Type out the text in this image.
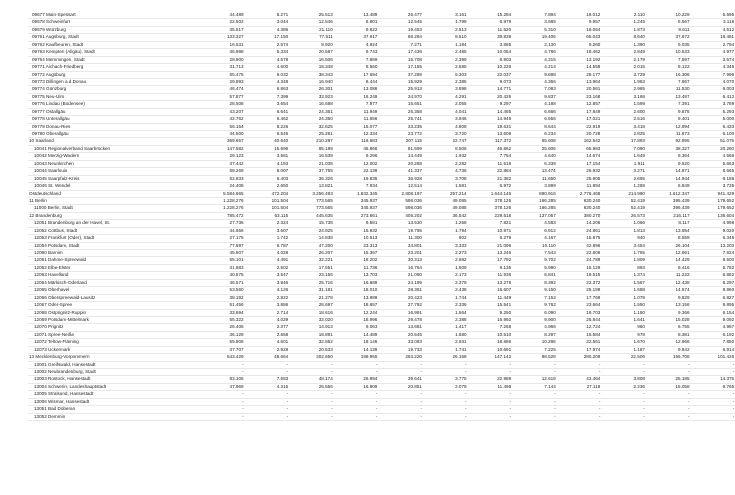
09677 Main-Spessart	44.489	5.271	25.513	13.489	26.477	3.161	15.284	7.894	18.012	2.110	10.229	5.595
09678 Schweinfurt	22.502	3.044	12.546	6.801	12.545	1.799	6.979	3.685	9.957	1.245	5.567	3.118
09679 Würzburg	35.517	4.386	21.110	9.822	19.453	2.513	11.520	5.310	16.064	1.873	9.611	4.512
09761 Augsburg, Stadt	133.327	17.150	77.511	37.917	68.284	8.510	39.839	19.406	65.043	8.640	37.672	18.481
09762 Kaufbeuren, Stadt	16.531	2.574	8.920	4.924	7.271	1.184	3.885	2.130	9.260	1.390	5.035	2.794
09763 Kempten (Allgäu), Stadt	35.898	5.334	20.587	9.743	17.436	2.485	10.054	4.786	18.462	2.849	10.533	4.977
09764 Memmingen, Stadt	28.900	4.578	16.506	7.889	15.708	2.399	8.903	4.315	13.192	2.179	7.597	3.574
09771 Aichach-Friedberg	31.713	4.600	18.348	8.560	17.155	2.585	10.226	4.214	14.558	2.015	8.122	4.346
09772 Augsburg	65.475	9.032	38.343	17.694	37.298	5.303	22.037	9.698	28.177	3.729	16.306	7.996
09773 Dillingen a.d.Donau	29.893	4.348	16.940	8.444	15.929	2.385	9.073	4.366	13.964	1.963	7.867	4.070
09774 Günzburg	46.474	6.863	26.301	13.086	25.913	3.898	14.771	7.083	20.561	2.965	11.530	6.003
09775 Neu-Ulm	57.877	7.399	33.923	16.249	34.970	4.291	20.426	9.837	23.168	3.168	13.497	6.412
09776 Lindau (Bodensee)	28.508	3.654	16.688	7.977	15.651	2.055	9.297	4.188	12.857	1.599	7.391	3.789
09777 Ostallgäu	43.207	6.641	24.361	11.949	25.358	4.041	14.485	6.666	17.849	2.600	9.876	5.293
09778 Unterallgäu	42.762	6.462	24.350	11.656	25.741	3.946	14.949	6.656	17.021	2.516	9.401	5.000
09779 Donau-Ries	56.154	8.226	32.625	15.077	33.235	4.808	19.631	8.644	22.919	3.418	12.994	6.433
09780 Oberallgäu	44.500	6.545	25.281	12.334	23.772	3.720	13.608	6.234	20.728	2.825	11.673	6.100
10 Saarland	369.657	40.640	210.287	116.683	207.115	22.747	117.372	65.608	162.542	17.893	92.895	51.075
10041 Regionalverband Saarbrücken	147.582	15.696	85.189	45.866	81.599	8.506	46.862	25.606	65.983	7.090	38.327	20.260
10042 Merzig-Wadern	29.123	3.581	16.539	9.296	14.449	1.932	7.754	4.640	14.674	1.649	8.364	4.566
10043 Neunkirchen	37.442	4.193	21.038	12.002	20.288	2.282	11.518	6.339	17.154	1.911	9.520	5.663
10044 Saarlouis	68.269	8.007	37.755	22.139	41.337	4.736	22.884	13.474	26.932	3.271	14.871	8.665
10045 Saarpfalz-Kreis	62.833	6.403	36.326	19.836	36.928	3.708	21.382	11.650	25.905	2.695	14.944	8.186
10046 St. Wendel	24.408	2.650	13.821	7.934	12.514	1.581	6.972	3.899	11.894	1.269	6.849	3.735
Ostdeutschland	5.584.665	472.204	3.256.493	1.832.345	2.808.197	257.214	1.644.146	890.916	2.776.468	214.990	1.612.347	941.429
11 Berlin	1.228.276	101.504	773.565	345.937	598.036	49.085	378.126	166.285	630.240	52.419	395.439	179.652
11000 Berlin, Stadt	1.228.276	101.504	773.565	345.937	598.036	49.085	378.126	166.285	630.240	52.419	395.439	179.652
12 Brandenburg	785.472	63.115	445.635	273.661	405.202	36.542	229.518	137.057	380.270	26.573	216.117	136.604
12051 Brandenburg an der Havel, St.	27.736	2.324	15.738	9.581	13.530	1.258	7.821	4.583	14.206	1.066	8.117	4.998
12052 Cottbus, Stadt	44.656	3.607	24.925	15.932	19.795	1.794	10.971	6.912	24.861	1.813	13.954	9.020
12053 Frankfurt (Oder), Stadt	27.175	1.742	14.838	10.513	11.300	802	6.279	4.167	15.875	940	8.559	6.346
12054 Potsdam, Stadt	77.697	6.787	47.200	23.313	34.801	3.333	21.096	10.110	42.896	3.454	26.104	13.203
12060 Barnim	45.807	4.028	26.207	15.367	23.201	2.273	13.246	7.543	22.606	1.755	12.961	7.824
12061 Dahme-Spreewald	55.101	4.491	32.221	18.202	30.313	2.682	17.792	9.702	24.788	1.809	14.429	8.500
12062 Elbe-Elster	31.883	2.502	17.551	11.736	16.764	1.609	9.135	5.990	15.129	893	8.416	5.782
12063 Havelland	40.575	3.547	23.156	13.703	21.060	2.173	11.936	6.841	19.515	1.374	11.222	6.862
12064 Märkisch-Oderland	46.571	3.946	25.716	16.689	24.199	2.379	13.278	8.392	22.372	1.567	12.438	8.297
12065 Oberhavel	53.560	4.126	31.181	18.010	28.361	2.438	16.607	9.150	25.199	1.688	14.574	8.860
12066 Oberspreewald-Lausitz	38.192	2.822	21.278	13.989	20.423	1.744	11.449	7.152	17.769	1.078	9.829	6.827
12067 Oder-Spree	51.456	3.886	28.697	18.657	27.792	2.336	15.541	9.762	23.664	1.550	13.156	8.895
12068 Ostprignitz-Ruppin	33.694	2.714	18.616	12.244	16.991	1.564	9.250	6.090	16.703	1.150	9.366	6.154
12069 Potsdam-Mittelmark	55.322	4.029	32.020	18.996	29.478	2.388	16.992	9.900	25.844	1.641	15.028	9.092
12070 Prignitz	26.405	2.377	14.913	9.063	13.681	1.417	7.258	4.966	12.724	960	6.755	4.987
12071 Spree-Neiße	36.129	2.658	18.891	14.489	20.545	1.680	10.510	8.297	15.584	978	8.381	6.192
12072 Teltow-Fläming	55.806	4.601	32.852	18.146	33.083	2.931	18.886	10.296	22.561	1.670	12.966	7.850
12073 Uckermark	37.707	2.928	20.533	14.139	19.733	1.741	10.691	7.225	17.974	1.187	9.842	6.914
13 Mecklenburg-Vorpommern	543.429	48.664	302.650	189.955	263.220	26.158	147.142	88.529	280.209	22.506	155.708	101.426
13001 Greifswald, Hansestadt	-	-	-	-	-	-	-	-	-	-	-	-
13002 Neubrandenburg, Stadt	-	-	-	-	-	-	-	-	-	-	-	-
13003 Rostock, Hansestadt	83.105	7.583	48.174	26.994	39.641	3.775	22.989	12.619	43.464	3.808	25.185	14.375
13004 Schwerin, Landeshauptstadt	47.969	4.315	26.556	16.909	20.851	2.079	11.498	7.144	27.118	2.236	15.058	9.765
13005 Stralsund, Hansestadt	-	-	-	-	-	-	-	-	-	-	-	-
13006 Wismar, Hansestadt	-	-	-	-	-	-	-	-	-	-	-	-
13051 Bad Doberan	-	-	-	-	-	-	-	-	-	-	-	-
13052 Demmin	-	-	-	-	-	-	-	-	-	-	-	-
